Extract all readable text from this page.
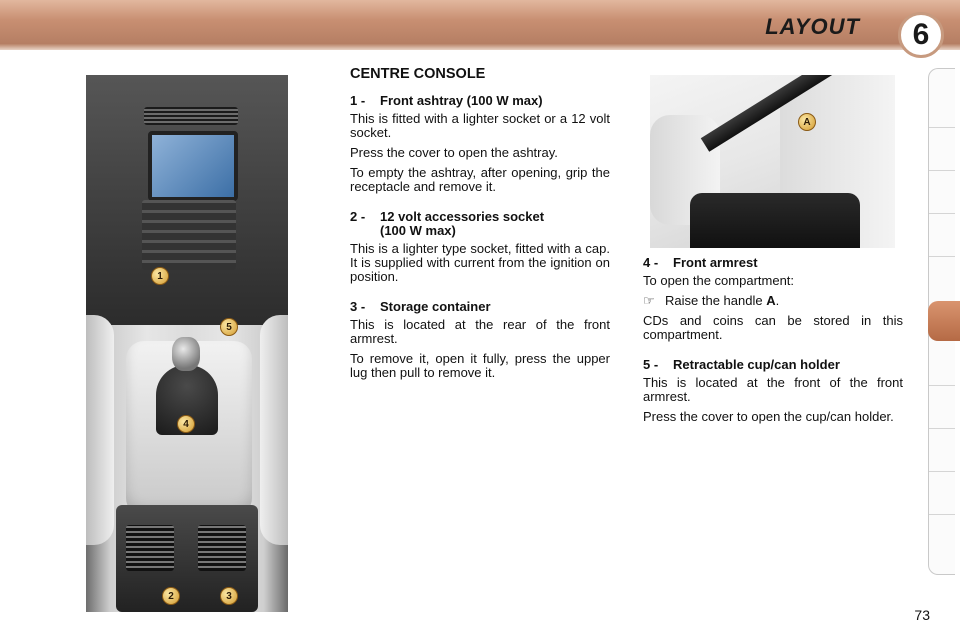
LAYOUT	6
1
4
5
2	3
CENTRE CONSOLE
1 -	Front ashtray (100 W max)

This is fitted with a lighter socket or a 12 volt socket.

Press the cover to open the ashtray.

To empty the ashtray, after opening, grip the receptacle and remove it.

2 -	12 volt accessories socket
(100 W max)

This is a lighter type socket, fitted with a cap. It is supplied with current from the ignition on position.

3 -	Storage container

This is located at the rear of the front armrest.

To remove it, open it fully, press the upper lug then pull to remove it.

A
4 -	Front armrest

To open the compartment:

☞ Raise the handle A.

CDs and coins can be stored in this compartment.

5 -	Retractable cup/can holder

This is located at the front of the front armrest.

Press the cover to open the cup/can holder.

73
